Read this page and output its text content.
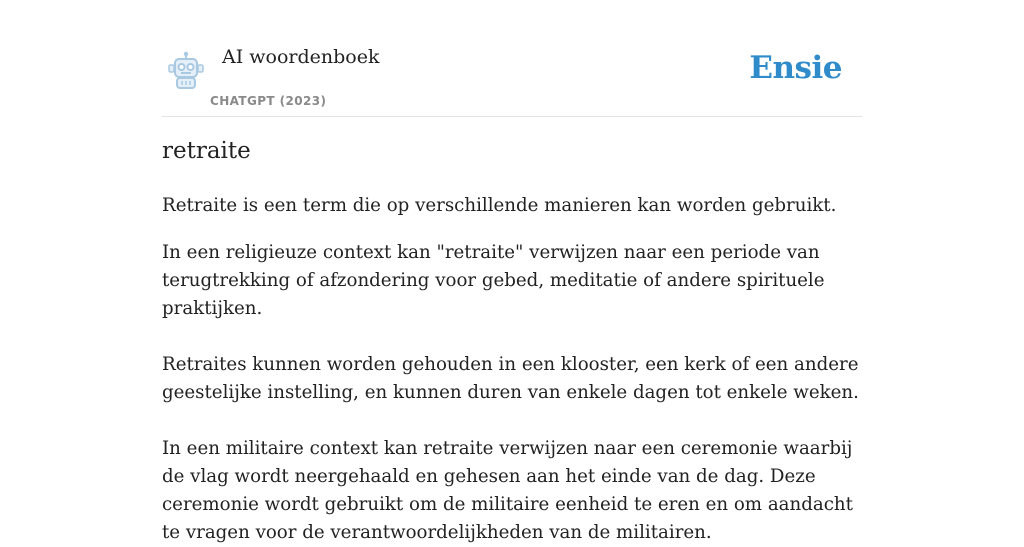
AI woordenboek
CHATGPT (2023)
Ensie
retraite

Retraite is een term die op verschillende manieren kan worden gebruikt.

In een religieuze context kan "retraite" verwijzen naar een periode van terugtrekking of afzondering voor gebed, meditatie of andere spirituele praktijken.

Retraites kunnen worden gehouden in een klooster, een kerk of een andere geestelijke instelling, en kunnen duren van enkele dagen tot enkele weken.

In een militaire context kan retraite verwijzen naar een ceremonie waarbij de vlag wordt neergehaald en gehesen aan het einde van de dag. Deze ceremonie wordt gebruikt om de militaire eenheid te eren en om aandacht te vragen voor de verantwoordelijkheden van de militairen.
